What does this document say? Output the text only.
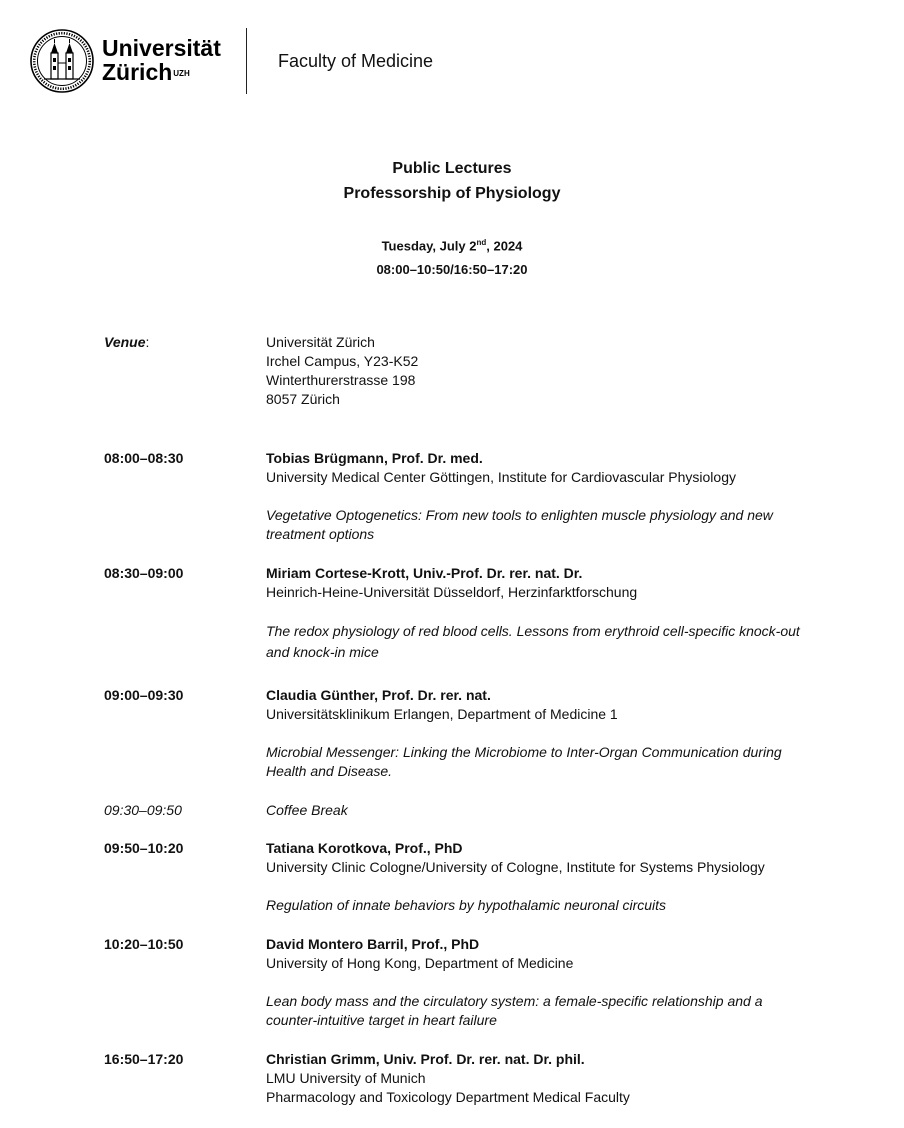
Universität
Zürich$^{UZH}$
Faculty of Medicine
Public Lectures
Professorship of Physiology
Tuesday, July 2nd, 2024
08:00–10:50/16:50–17:20
Venue:	Universität Zürich
Irchel Campus, Y23-K52
Winterthurerstrasse 198
8057 Zürich
08:00–08:30	Tobias Brügmann, Prof. Dr. med.
University Medical Center Göttingen, Institute for Cardiovascular Physiology
Vegetative Optogenetics: From new tools to enlighten muscle physiology and new
treatment options
08:30–09:00	Miriam Cortese-Krott, Univ.-Prof. Dr. rer. nat. Dr.
Heinrich-Heine-Universität Düsseldorf, Herzinfarktforschung
The redox physiology of red blood cells. Lessons from erythroid cell-specific knock-out
and knock-in mice
09:00–09:30	Claudia Günther, Prof. Dr. rer. nat.
Universitätsklinikum Erlangen, Department of Medicine 1
Microbial Messenger: Linking the Microbiome to Inter-Organ Communication during
Health and Disease.
09:30–09:50	Coffee Break
09:50–10:20	Tatiana Korotkova, Prof., PhD
University Clinic Cologne/University of Cologne, Institute for Systems Physiology
Regulation of innate behaviors by hypothalamic neuronal circuits
10:20–10:50	David Montero Barril, Prof., PhD
University of Hong Kong, Department of Medicine
Lean body mass and the circulatory system: a female-specific relationship and a
counter-intuitive target in heart failure
16:50–17:20	Christian Grimm, Univ. Prof. Dr. rer. nat. Dr. phil.
LMU University of Munich
Pharmacology and Toxicology Department Medical Faculty
